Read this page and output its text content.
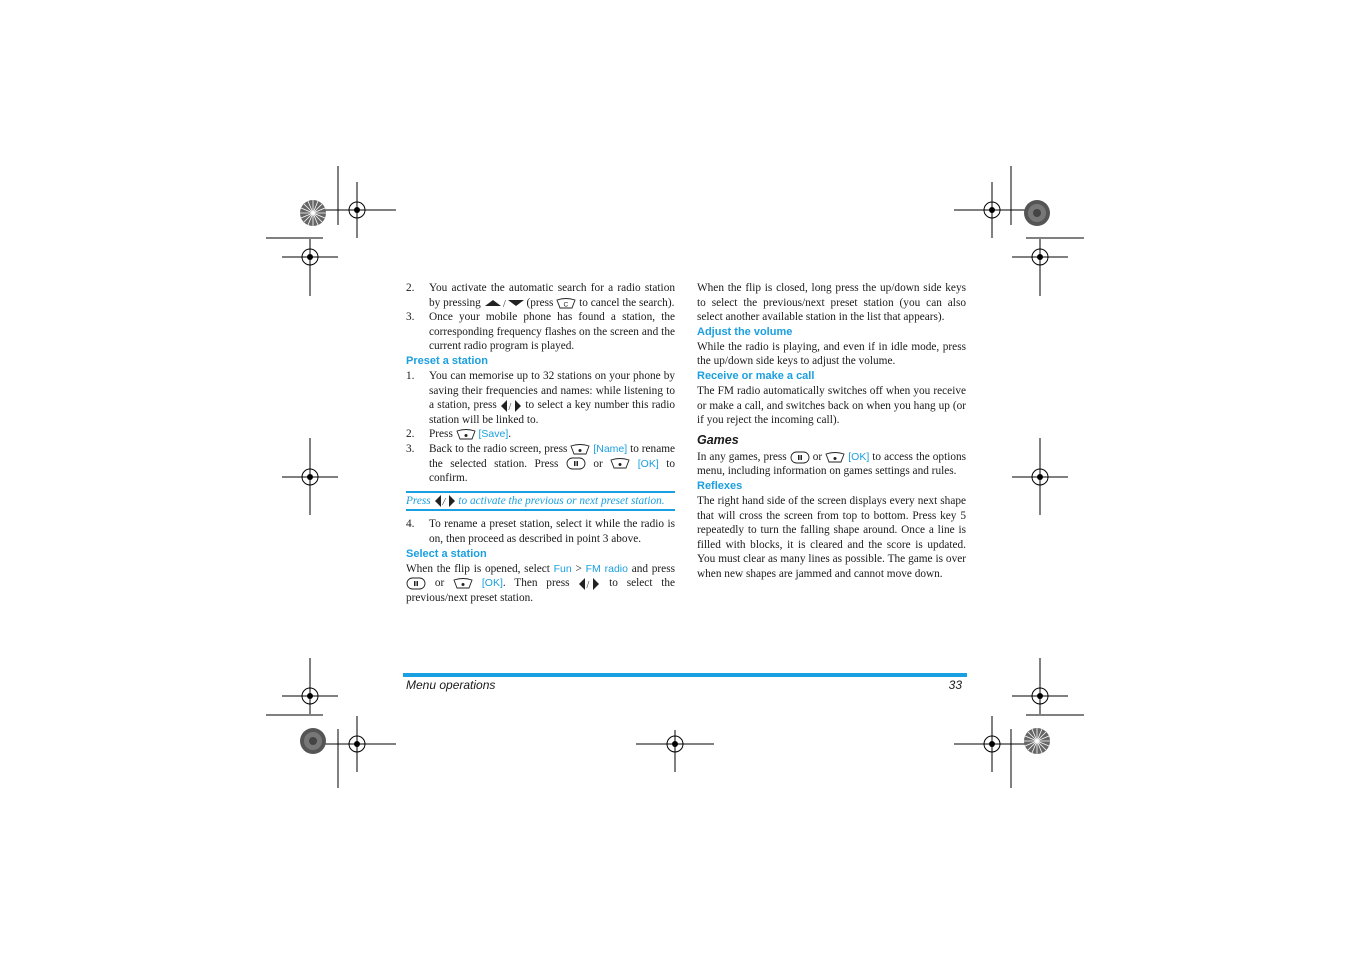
2.	You activate the automatic search for a radio station by pressing / (press C to cancel the search).
3.	Once your mobile phone has found a station, the corresponding frequency flashes on the screen and the current radio program is played.

Preset a station

1.	You can memorise up to 32 stations on your phone by saving their frequencies and names: while listening to a station, press / to select a key number this radio station will be linked to.
2.	Press [Save].
3.	Back to the radio screen, press [Name] to rename the selected station. Press	or	[OK] to confirm.
Press / to activate the previous or next preset station.
4.	To rename a preset station, select it while the radio is on, then proceed as described in point 3 above.

Select a station

When the flip is opened, select Fun > FM radio and press  or	[OK]. Then press / to select the previous/next preset station.

When the flip is closed, long press the up/down side keys to select the previous/next preset station (you can also select another available station in the list that appears).

Adjust the volume

While the radio is playing, and even if in idle mode, press the up/down side keys to adjust the volume.

Receive or make a call

The FM radio automatically switches off when you receive or make a call, and switches back on when you hang up (or if you reject the incoming call).

Games

In any games, press or [OK] to access the options menu, including information on games settings and rules.

Reflexes

The right hand side of the screen displays every next shape that will cross the screen from top to bottom. Press key 5 repeatedly to turn the falling shape around. Once a line is filled with blocks, it is cleared and the score is updated. You must clear as many lines as possible. The game is over when new shapes are jammed and cannot move down.

Menu operations	33
